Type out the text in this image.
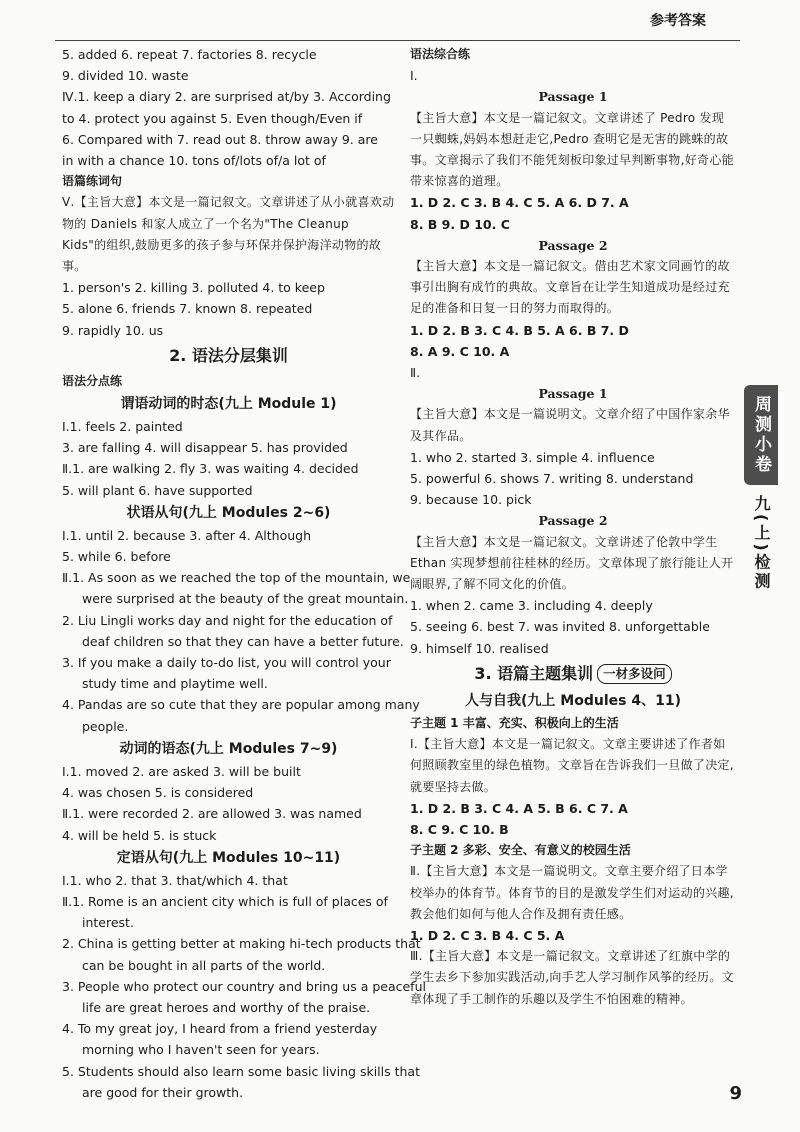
参考答案
5. added 6. repeat 7. factories 8. recycle
9. divided 10. waste
Ⅳ.1. keep a diary 2. are surprised at/by 3. According
to 4. protect you against 5. Even though/Even if
6. Compared with 7. read out 8. throw away 9. are
in with a chance 10. tons of/lots of/a lot of
语篇练词句
Ⅴ.【主旨大意】本文是一篇记叙文。文章讲述了从小就喜欢动物的 Daniels 和家人成立了一个名为"The Cleanup Kids"的组织,鼓励更多的孩子参与环保并保护海洋动物的故事。
1. person's 2. killing 3. polluted 4. to keep
5. alone 6. friends 7. known 8. repeated
9. rapidly 10. us
2. 语法分层集训
语法分点练
谓语动词的时态(九上 Module 1)
Ⅰ.1. feels 2. painted
3. are falling 4. will disappear 5. has provided
Ⅱ.1. are walking 2. fly 3. was waiting 4. decided
5. will plant 6. have supported
状语从句(九上 Modules 2~6)
Ⅰ.1. until 2. because 3. after 4. Although
5. while 6. before
Ⅱ.1. As soon as we reached the top of the mountain, we
were surprised at the beauty of the great mountain.
2. Liu Lingli works day and night for the education of
deaf children so that they can have a better future.
3. If you make a daily to-do list, you will control your
study time and playtime well.
4. Pandas are so cute that they are popular among many
people.
动词的语态(九上 Modules 7~9)
Ⅰ.1. moved 2. are asked 3. will be built
4. was chosen 5. is considered
Ⅱ.1. were recorded 2. are allowed 3. was named
4. will be held 5. is stuck
定语从句(九上 Modules 10~11)
Ⅰ.1. who 2. that 3. that/which 4. that
Ⅱ.1. Rome is an ancient city which is full of places of
interest.
2. China is getting better at making hi-tech products that
can be bought in all parts of the world.
3. People who protect our country and bring us a peaceful
life are great heroes and worthy of the praise.
4. To my great joy, I heard from a friend yesterday
morning who I haven't seen for years.
5. Students should also learn some basic living skills that
are good for their growth.
语法综合练
Ⅰ.
Passage 1
【主旨大意】本文是一篇记叙文。文章讲述了 Pedro 发现一只蜘蛛,妈妈本想赶走它,Pedro 查明它是无害的跳蛛的故事。文章揭示了我们不能凭刻板印象过早判断事物,好奇心能带来惊喜的道理。
1. D 2. C 3. B 4. C 5. A 6. D 7. A
8. B 9. D 10. C
Passage 2
【主旨大意】本文是一篇记叙文。借由艺术家文同画竹的故事引出胸有成竹的典故。文章旨在让学生知道成功是经过充足的准备和日复一日的努力而取得的。
1. D 2. B 3. C 4. B 5. A 6. B 7. D
8. A 9. C 10. A
Ⅱ.
Passage 1
【主旨大意】本文是一篇说明文。文章介绍了中国作家余华及其作品。
1. who 2. started 3. simple 4. influence
5. powerful 6. shows 7. writing 8. understand
9. because 10. pick
Passage 2
【主旨大意】本文是一篇记叙文。文章讲述了伦敦中学生 Ethan 实现梦想前往桂林的经历。文章体现了旅行能让人开阔眼界,了解不同文化的价值。
1. when 2. came 3. including 4. deeply
5. seeing 6. best 7. was invited 8. unforgettable
9. himself 10. realised
3. 语篇主题集训 一材多设问
人与自我(九上 Modules 4、11)
子主题 1 丰富、充实、积极向上的生活
Ⅰ.【主旨大意】本文是一篇记叙文。文章主要讲述了作者如何照顾教室里的绿色植物。文章旨在告诉我们一旦做了决定,就要坚持去做。
1. D 2. B 3. C 4. A 5. B 6. C 7. A
8. C 9. C 10. B
子主题 2 多彩、安全、有意义的校园生活
Ⅱ.【主旨大意】本文是一篇说明文。文章主要介绍了日本学校举办的体育节。体育节的目的是激发学生们对运动的兴趣,教会他们如何与他人合作及拥有责任感。
1. D 2. C 3. B 4. C 5. A
Ⅲ.【主旨大意】本文是一篇记叙文。文章讲述了红旗中学的学生去乡下参加实践活动,向手艺人学习制作风筝的经历。文章体现了手工制作的乐趣以及学生不怕困难的精神。
周测小卷
九(上)检测
9
